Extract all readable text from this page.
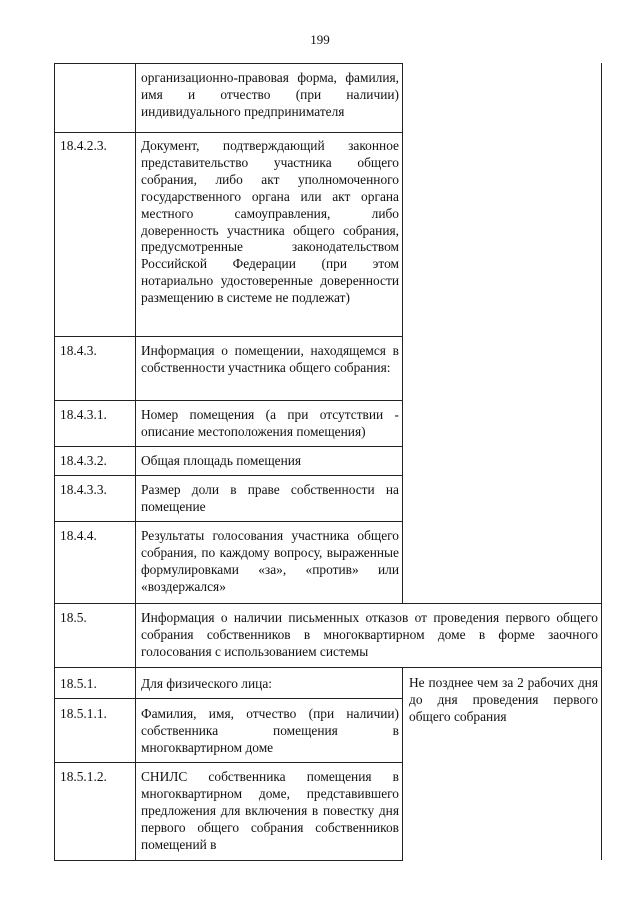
199
организационно-правовая форма, фамилия, имя и отчество (при наличии) индивидуального предпринимателя
18.4.2.3.	Документ, подтверждающий законное представительство участника общего собрания, либо акт уполномоченного государственного органа или акт органа местного самоуправления, либо доверенность участника общего собрания, предусмотренные законодательством Российской Федерации (при этом нотариально удостоверенные доверенности размещению в системе не подлежат)
18.4.3.	Информация о помещении, находящемся в собственности участника общего собрания:
18.4.3.1.	Номер помещения (а при отсутствии - описание местоположения помещения)
18.4.3.2.	Общая площадь помещения
18.4.3.3.	Размер доли в праве собственности на помещение
18.4.4.	Результаты голосования участника общего собрания, по каждому вопросу, выраженные формулировками «за», «против» или «воздержался»
18.5.	Информация о наличии письменных отказов от проведения первого общего собрания собственников в многоквартирном доме в форме заочного голосования с использованием системы
18.5.1.	Для физического лица:	Не позднее чем за 2 рабочих дня до дня проведения первого общего собрания
18.5.1.1.	Фамилия, имя, отчество (при наличии) собственника помещения в многоквартирном доме
18.5.1.2.	СНИЛС собственника помещения в многоквартирном доме, представившего предложения для включения в повестку дня первого общего собрания собственников помещений в
